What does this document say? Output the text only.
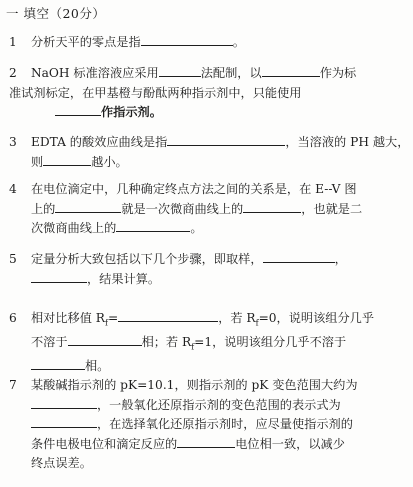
一 填空（20分）
1 分析天平的零点是指	。
2 NaOH 标准溶液应采用	法配制，以	作为标
准试剂标定，在甲基橙与酚酞两种指示剂中，只能使用
作指示剂。
3 EDTA 的酸效应曲线是指	，当溶液的 PH 越大，
则	越小。
4 在电位滴定中，几种确定终点方法之间的关系是，在 E--V 图
上的	就是一次微商曲线上的	，也就是二
次微商曲线上的	。
5 定量分析大致包括以下几个步骤，即取样，	，
，结果计算。
6 相对比移值 $R_f=$	，若 $R_f=0$，说明该组分几乎
不溶于	相；若 $R_f=1$，说明该组分几乎不溶于
相。
7 某酸碱指示剂的 pK=10.1，则指示剂的 pK 变色范围大约为
，一般氧化还原指示剂的变色范围的表示式为
，在选择氧化还原指示剂时，应尽量使指示剂的
条件电极电位和滴定反应的	电位相一致，以减少
终点误差。
